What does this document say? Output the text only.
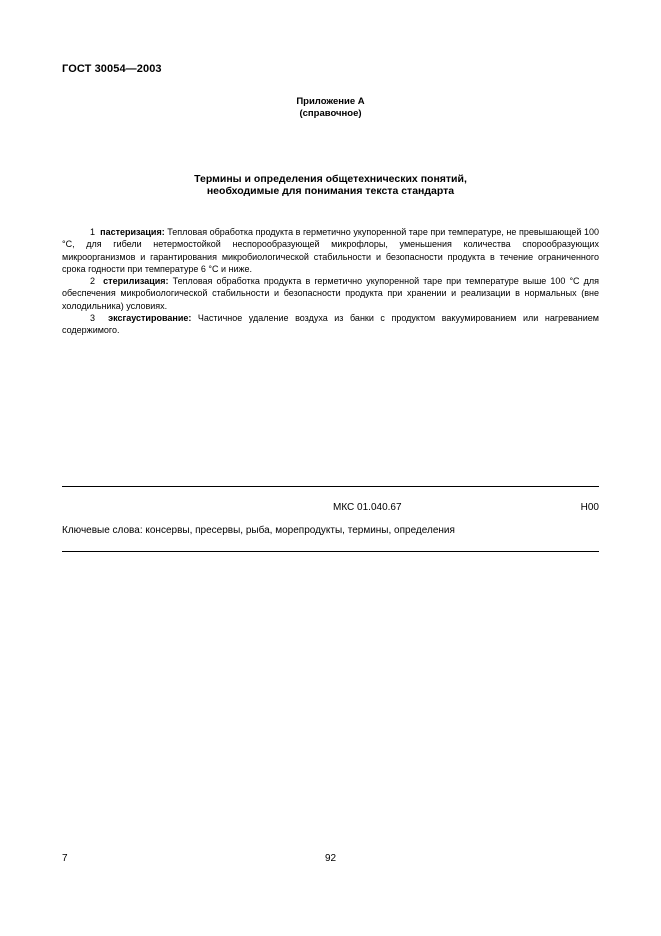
ГОСТ 30054—2003
Приложение А
(справочное)
Термины и определения общетехнических понятий,
необходимые для понимания текста стандарта

1 пастеризация: Тепловая обработка продукта в герметично укупоренной таре при температуре, не превышающей 100 °С, для гибели нетермостойкой неспорообразующей микрофлоры, уменьшения количества спорообразующих микроорганизмов и гарантирования микробиологической стабильности и безопасности продукта в течение ограниченного срока годности при температуре 6 °С и ниже.

2 стерилизация: Тепловая обработка продукта в герметично укупоренной таре при температуре выше 100 °С для обеспечения микробиологической стабильности и безопасности продукта при хранении и реализации в нормальных (вне холодильника) условиях.

3 эксгаустирование: Частичное удаление воздуха из банки с продуктом вакуумированием или нагреванием содержимого.

МКС 01.040.67	Н00
Ключевые слова: консервы, пресервы, рыба, морепродукты, термины, определения
7	92
